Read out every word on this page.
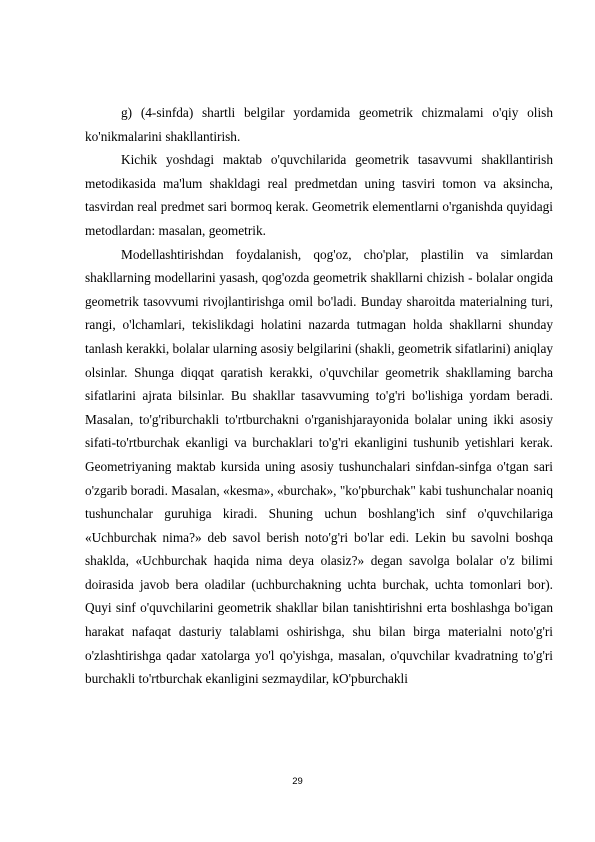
g) (4-sinfda) shartli belgilar yordamida geometrik chizmalami o'qiy olish ko'nikmalarini shakllantirish.

Kichik yoshdagi maktab o'quvchilarida geometrik tasavvumi shakllantirish metodikasida ma'lum shakldagi real predmetdan uning tasviri tomon va aksincha, tasvirdan real predmet sari bormoq kerak. Geometrik elementlarni o'rganishda quyidagi metodlardan: masalan, geometrik.

Modellashtirishdan foydalanish, qog'oz, cho'plar, plastilin va simlardan shakllarning modellarini yasash, qog'ozda geometrik shakllarni chizish - bolalar ongida geometrik tasovvumi rivojlantirishga omil bo'ladi. Bunday sharoitda materialning turi, rangi, o'lchamlari, tekislikdagi holatini nazarda tutmagan holda shakllarni shunday tanlash kerakki, bolalar ularning asosiy belgilarini (shakli, geometrik sifatlarini) aniqlay olsinlar. Shunga diqqat qaratish kerakki, o'quvchilar geometrik shakllaming barcha sifatlarini ajrata bilsinlar. Bu shakllar tasavvuming to'g'ri bo'lishiga yordam beradi. Masalan, to'g'riburchakli to'rtburchakni o'rganishjarayonida bolalar uning ikki asosiy sifati-to'rtburchak ekanligi va burchaklari to'g'ri ekanligini tushunib yetishlari kerak. Geometriyaning maktab kursida uning asosiy tushunchalari sinfdan-sinfga o'tgan sari o'zgarib boradi. Masalan, «kesma», «burchak», "ko'pburchak" kabi tushunchalar noaniq tushunchalar guruhiga kiradi. Shuning uchun boshlang'ich sinf o'quvchilariga «Uchburchak nima?» deb savol berish noto'g'ri bo'lar edi. Lekin bu savolni boshqa shaklda, «Uchburchak haqida nima deya olasiz?» degan savolga bolalar o'z bilimi doirasida javob bera oladilar (uchburchakning uchta burchak, uchta tomonlari bor). Quyi sinf o'quvchilarini geometrik shakllar bilan tanishtirishni erta boshlashga bo'igan harakat nafaqat dasturiy talablami oshirishga, shu bilan birga materialni noto'g'ri o'zlashtirishga qadar xatolarga yo'l qo'yishga, masalan, o'quvchilar kvadratning to'g'ri burchakli to'rtburchak ekanligini sezmaydilar, kO'pburchakli

29
